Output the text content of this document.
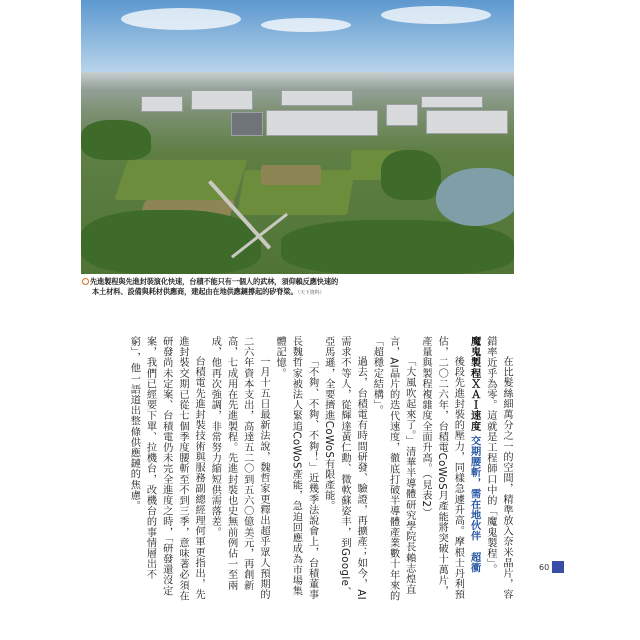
先進製程與先進封裝演化快速，台積不能只有一個人的武林，須仰賴反應快速的
本土材料、設備與耗材供應商，建起由在地供應鏈撐起的矽脊梁。（天下資料）

在比髮絲細萬分之一的空間，精準放入奈米晶片，容錯率近乎為零。這就是工程師口中的「魔鬼製程」。

魔鬼製程ＸＡＩ速度 交期腰斬，需在地伙伴　超衝

後段先進封裝的壓力，同樣急遽升高。摩根士丹利預估，二〇二六年，台積電CoWoS月產能將突破十萬片，產量與製程複雜度全面升高。（見表2）

「大風吹起來了。」清華半導體研究學院長賴志煌直言，AI晶片的迭代速度，徹底打破半導體產業數十年來的「超穩定結構」。

過去，台積電有時間研發、驗證，再擴產；如今，AI需求不等人，從輝達黃仁勳、微軟蘇姿丰，到Google、亞馬遜，全要擠進CoWoS有限產能。

「不夠、不夠、不夠！」近幾季法說會上，台積董事長魏哲家被法人緊追CoWoS產能，急迫回應成為市場集體記憶。

一月十五日最新法說，魏哲家更釋出超乎眾人預期的二六年資本支出，高達五二〇到五六〇億美元，再創新高，七成用在先進製程。先進封裝也史無前例佔一至兩成，他再次強調，非常努力縮短供需落差。

台積電先進封裝技術與服務副總經理何軍更指出，先進封裝交期已從七個季度腰斬至不到三季，意味著必須在研發尚未定案、台積電仍未完全進度之時，「研發還沒定案，我們已經要下單、拉機台，改機台的事情層出不窮」，他一語道出整條供應鏈的焦慮。

60
